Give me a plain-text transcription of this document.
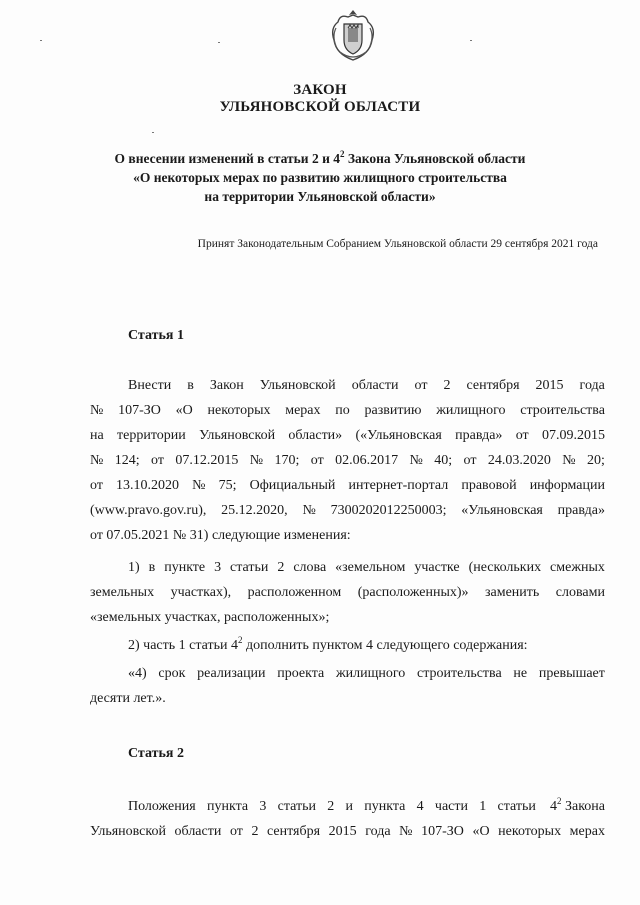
ЗАКОН
УЛЬЯНОВСКОЙ ОБЛАСТИ
О внесении изменений в статьи 2 и $4^2$ Закона Ульяновской области
«О некоторых мерах по развитию жилищного строительства
на территории Ульяновской области»
Принят Законодательным Собранием Ульяновской области 29 сентября 2021 года
Статья 1
Внести в Закон Ульяновской области от 2 сентября 2015 года
№ 107-ЗО «О некоторых мерах по развитию жилищного строительства
на территории Ульяновской области» («Ульяновская правда» от 07.09.2015
№ 124; от 07.12.2015 № 170; от 02.06.2017 № 40; от 24.03.2020 № 20;
от 13.10.2020 № 75; Официальный интернет-портал правовой информации
(www.pravo.gov.ru), 25.12.2020, № 7300202012250003; «Ульяновская правда»
от 07.05.2021 № 31) следующие изменения:
1) в пункте 3 статьи 2 слова «земельном участке (нескольких смежных
земельных участках), расположенном (расположенных)» заменить словами
«земельных участках, расположенных»;
2) часть 1 статьи $4^2$ дополнить пунктом 4 следующего содержания:
«4) срок реализации проекта жилищного строительства не превышает
десяти лет.».
Статья 2
Положения пункта 3 статьи 2 и пункта 4 части 1 статьи $4^2$ Закона
Ульяновской области от 2 сентября 2015 года № 107-ЗО «О некоторых мерах
